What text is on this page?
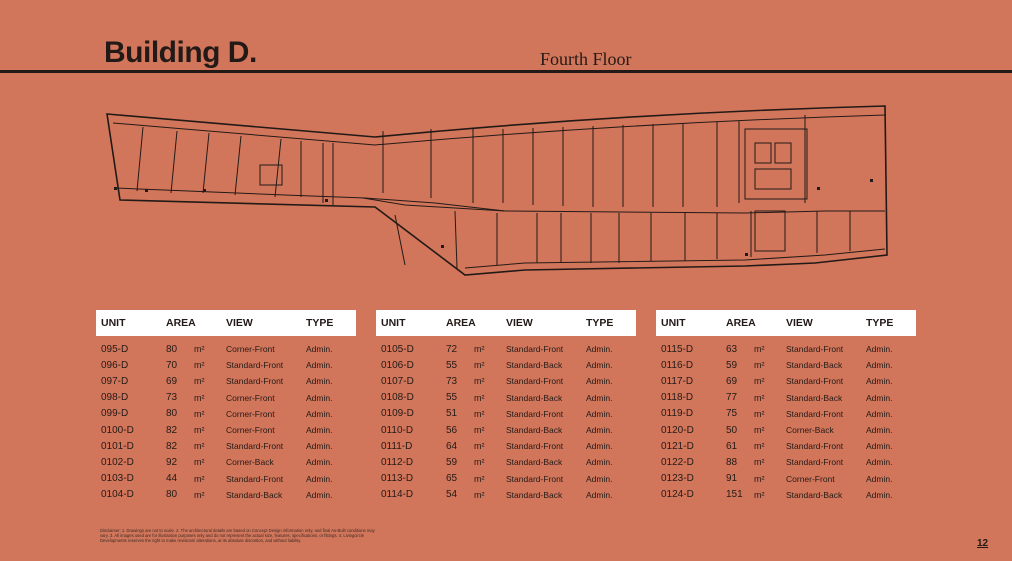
Building D.	Fourth Floor
UNIT	AREA	VIEW	TYPE
095-D	80	m²	Corner-Front	Admin.
096-D	70	m²	Standard-Front	Admin.
097-D	69	m²	Standard-Front	Admin.
098-D	73	m²	Corner-Front	Admin.
099-D	80	m²	Corner-Front	Admin.
0100-D	82	m²	Corner-Front	Admin.
0101-D	82	m²	Standard-Front	Admin.
0102-D	92	m²	Corner-Back	Admin.
0103-D	44	m²	Standard-Front	Admin.
0104-D	80	m²	Standard-Back	Admin.
UNIT	AREA	VIEW	TYPE
0105-D	72	m²	Standard-Front	Admin.
0106-D	55	m²	Standard-Back	Admin.
0107-D	73	m²	Standard-Front	Admin.
0108-D	55	m²	Standard-Back	Admin.
0109-D	51	m²	Standard-Front	Admin.
0110-D	56	m²	Standard-Back	Admin.
0111-D	64	m²	Standard-Front	Admin.
0112-D	59	m²	Standard-Back	Admin.
0113-D	65	m²	Standard-Front	Admin.
0114-D	54	m²	Standard-Back	Admin.
UNIT	AREA	VIEW	TYPE
0115-D	63	m²	Standard-Front	Admin.
0116-D	59	m²	Standard-Back	Admin.
0117-D	69	m²	Standard-Front	Admin.
0118-D	77	m²	Standard-Back	Admin.
0119-D	75	m²	Standard-Front	Admin.
0120-D	50	m²	Corner-Back	Admin.
0121-D	61	m²	Standard-Front	Admin.
0122-D	88	m²	Standard-Front	Admin.
0123-D	91	m²	Corner-Front	Admin.
0124-D	151	m²	Standard-Back	Admin.
Disclaimer: 1. Drawings are not to scale. 2. The architectural details are based on Concept Design information only, and final As-Built conditions may vary. 3. All images used are for illustration purposes only and do not represent the actual size, features, specifications, or fittings. 4. Livingcircle Developments reserves the right to make revisions/ alterations, at its absolute discretion, and without liability.	12
